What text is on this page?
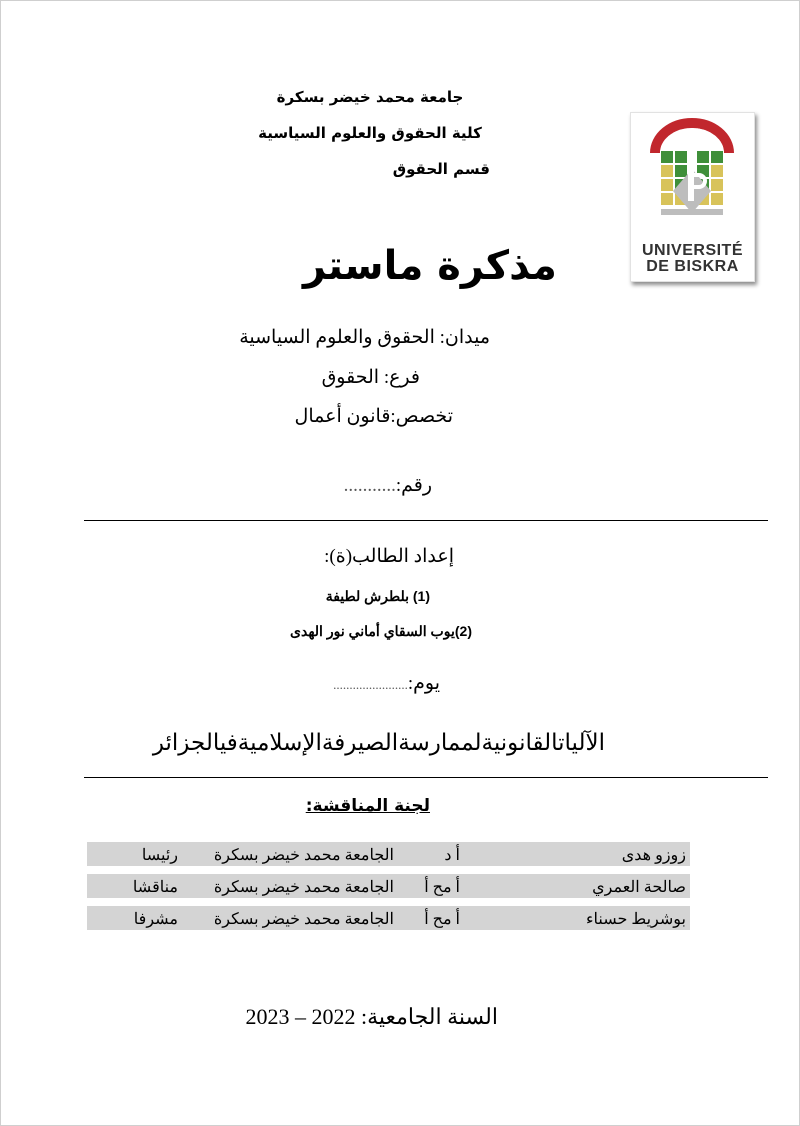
جامعة محمد خيضر بسكرة
كلية الحقوق والعلوم السياسية
قسم الحقوق
UNIVERSITÉ
DE BISKRA
مذكرة ماستر
ميدان: الحقوق والعلوم السياسية
فرع: الحقوق
تخصص:قانون أعمال
رقم:...........
إعداد الطالب(ة):
(1) بلطرش لطيفة
(2)يوب السقاي أماني نور الهدى
يوم:.......................
الآلياتالقانونيةلممارسةالصيرفةالإسلاميةفيالجزائر
لجنة المناقشة:
زوزو هدى
أ د
الجامعة محمد خيضر بسكرة
رئيسا
صالحة العمري
أ مح أ
الجامعة محمد خيضر بسكرة
مناقشا
بوشريط حسناء
أ مح أ
الجامعة محمد خيضر بسكرة
مشرفا
السنة الجامعية: 2022 – 2023
